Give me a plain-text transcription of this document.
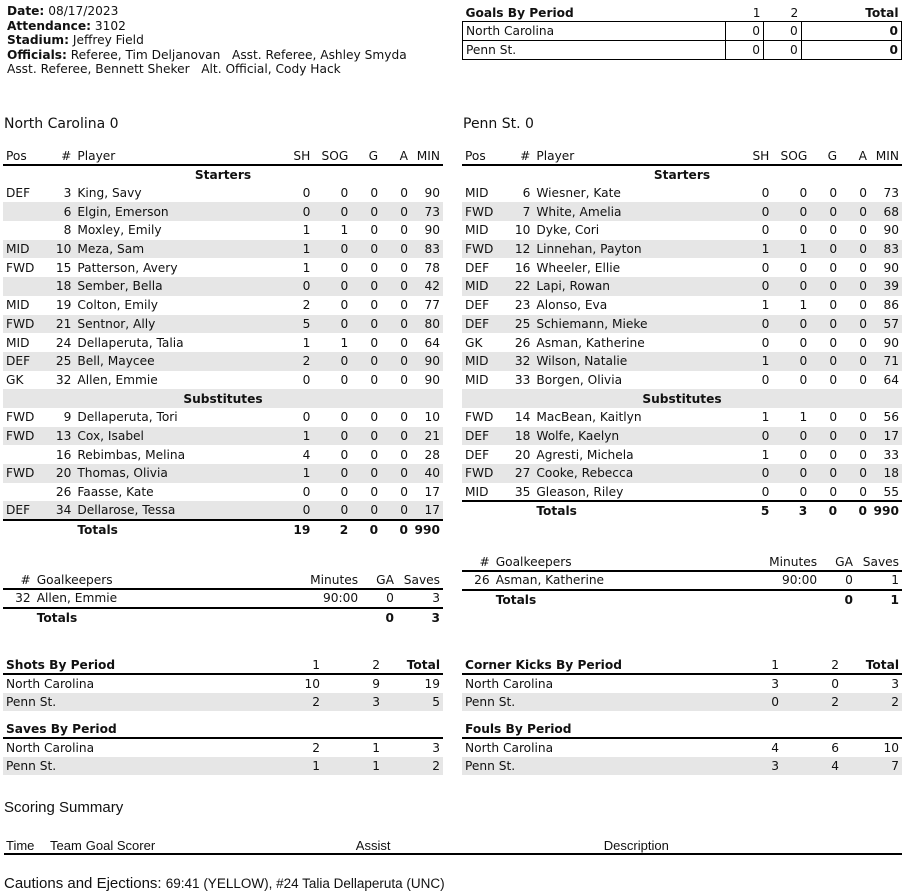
Date: 08/17/2023
Attendance: 3102
Stadium: Jeffrey Field
Officials: Referee, Tim Deljanovan   Asst. Referee, Ashley Smyda   Asst. Referee, Bennett Sheker   Alt. Official, Cody Hack
Goals By Period	1	2	Total
North Carolina	0	0	0
Penn St.	0	0	0
North Carolina 0	Penn St. 0
Pos	#	Player	SH	SOG	G	A	MIN
Starters							
DEF	3	King, Savy	0	0	0	0	90
	6	Elgin, Emerson	0	0	0	0	73
	8	Moxley, Emily	1	1	0	0	90
MID	10	Meza, Sam	1	0	0	0	83
FWD	15	Patterson, Avery	1	0	0	0	78
	18	Sember, Bella	0	0	0	0	42
MID	19	Colton, Emily	2	0	0	0	77
FWD	21	Sentnor, Ally	5	0	0	0	80
MID	24	Dellaperuta, Talia	1	1	0	0	64
DEF	25	Bell, Maycee	2	0	0	0	90
GK	32	Allen, Emmie	0	0	0	0	90
Substitutes							
FWD	9	Dellaperuta, Tori	0	0	0	0	10
FWD	13	Cox, Isabel	1	0	0	0	21
	16	Rebimbas, Melina	4	0	0	0	28
FWD	20	Thomas, Olivia	1	0	0	0	40
	26	Faasse, Kate	0	0	0	0	17
DEF	34	Dellarose, Tessa	0	0	0	0	17
		Totals	19	2	0	0	990
Pos	#	Player	SH	SOG	G	A	MIN
Starters							
MID	6	Wiesner, Kate	0	0	0	0	73
FWD	7	White, Amelia	0	0	0	0	68
MID	10	Dyke, Cori	0	0	0	0	90
FWD	12	Linnehan, Payton	1	1	0	0	83
DEF	16	Wheeler, Ellie	0	0	0	0	90
MID	22	Lapi, Rowan	0	0	0	0	39
DEF	23	Alonso, Eva	1	1	0	0	86
DEF	25	Schiemann, Mieke	0	0	0	0	57
GK	26	Asman, Katherine	0	0	0	0	90
MID	32	Wilson, Natalie	1	0	0	0	71
MID	33	Borgen, Olivia	0	0	0	0	64
Substitutes							
FWD	14	MacBean, Kaitlyn	1	1	0	0	56
DEF	18	Wolfe, Kaelyn	0	0	0	0	17
DEF	20	Agresti, Michela	1	0	0	0	33
FWD	27	Cooke, Rebecca	0	0	0	0	18
MID	35	Gleason, Riley	0	0	0	0	55
		Totals	5	3	0	0	990
#	Goalkeepers	Minutes	GA	Saves
32	Allen, Emmie	90:00	0	3
	Totals		0	3
#	Goalkeepers	Minutes	GA	Saves
26	Asman, Katherine	90:00	0	1
	Totals		0	1
Shots By Period	1	2	Total
North Carolina	10	9	19
Penn St.	2	3	5
Saves By Period			
North Carolina	2	1	3
Penn St.	1	1	2
Corner Kicks By Period	1	2	Total
North Carolina	3	0	3
Penn St.	0	2	2
Fouls By Period			
North Carolina	4	6	10
Penn St.	3	4	7
Scoring Summary
Time	Team	Goal Scorer	Assist	Description
Cautions and Ejections: 69:41 (YELLOW), #24 Talia Dellaperuta (UNC)
